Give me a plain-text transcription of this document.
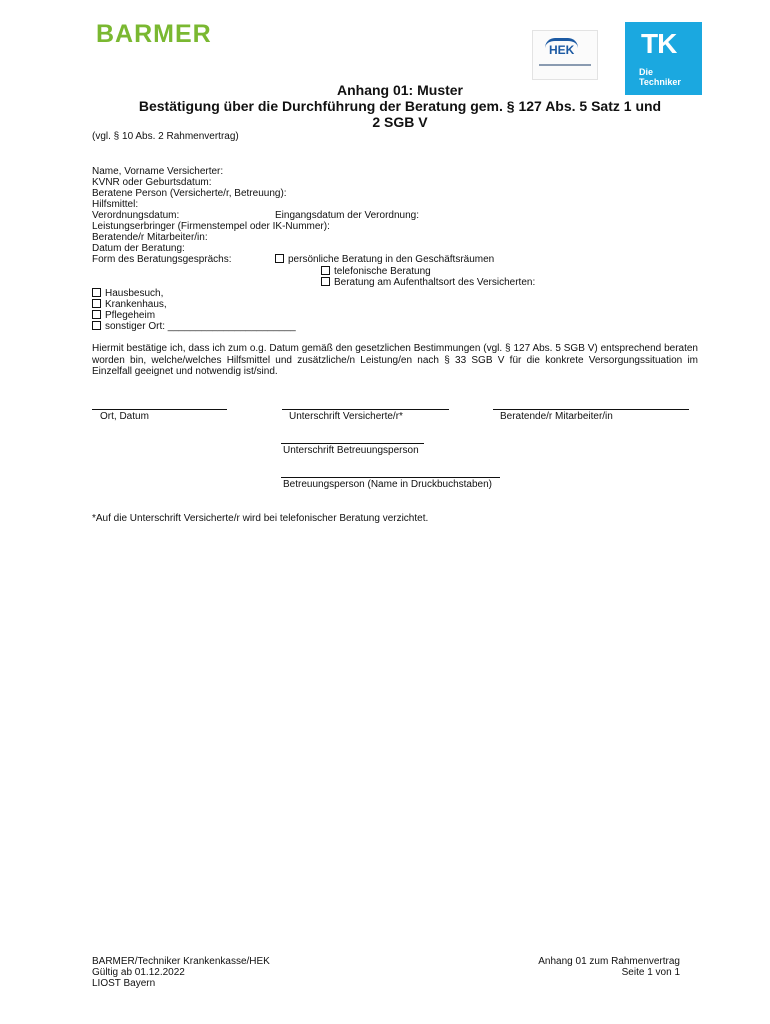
BARMER
HEK TK
Die
Techniker
Anhang 01: Muster
Bestätigung über die Durchführung der Beratung gem. § 127 Abs. 5 Satz 1 und
2 SGB V
(vgl. § 10 Abs. 2 Rahmenvertrag)
Name, Vorname Versicherter:
KVNR oder Geburtsdatum:
Beratene Person (Versicherte/r, Betreuung):
Hilfsmittel:
Verordnungsdatum:	Eingangsdatum der Verordnung:
Leistungserbringer (Firmenstempel oder IK-Nummer):
Beratende/r Mitarbeiter/in:
Datum der Beratung:
Form des Beratungsgesprächs:	persönliche Beratung in den Geschäftsräumen
telefonische Beratung
Beratung am Aufenthaltsort des Versicherten:
Hausbesuch,
Krankenhaus,
Pflegeheim
sonstiger Ort: _______________________
Hiermit bestätige ich, dass ich zum o.g. Datum gemäß den gesetzlichen Bestimmungen (vgl. § 127 Abs. 5 SGB V) entsprechend beraten worden bin, welche/welches Hilfsmittel und zusätzliche/n Leistung/en nach § 33 SGB V für die konkrete Versorgungssituation im Einzelfall geeignet und notwendig ist/sind.
Ort, Datum	Unterschrift Versicherte/r*	Beratende/r Mitarbeiter/in
Unterschrift Betreuungsperson
Betreuungsperson (Name in Druckbuchstaben)
*Auf die Unterschrift Versicherte/r wird bei telefonischer Beratung verzichtet.
BARMER/Techniker Krankenkasse/HEK
Gültig ab 01.12.2022
LIOST Bayern
Anhang 01 zum Rahmenvertrag
Seite 1 von 1
